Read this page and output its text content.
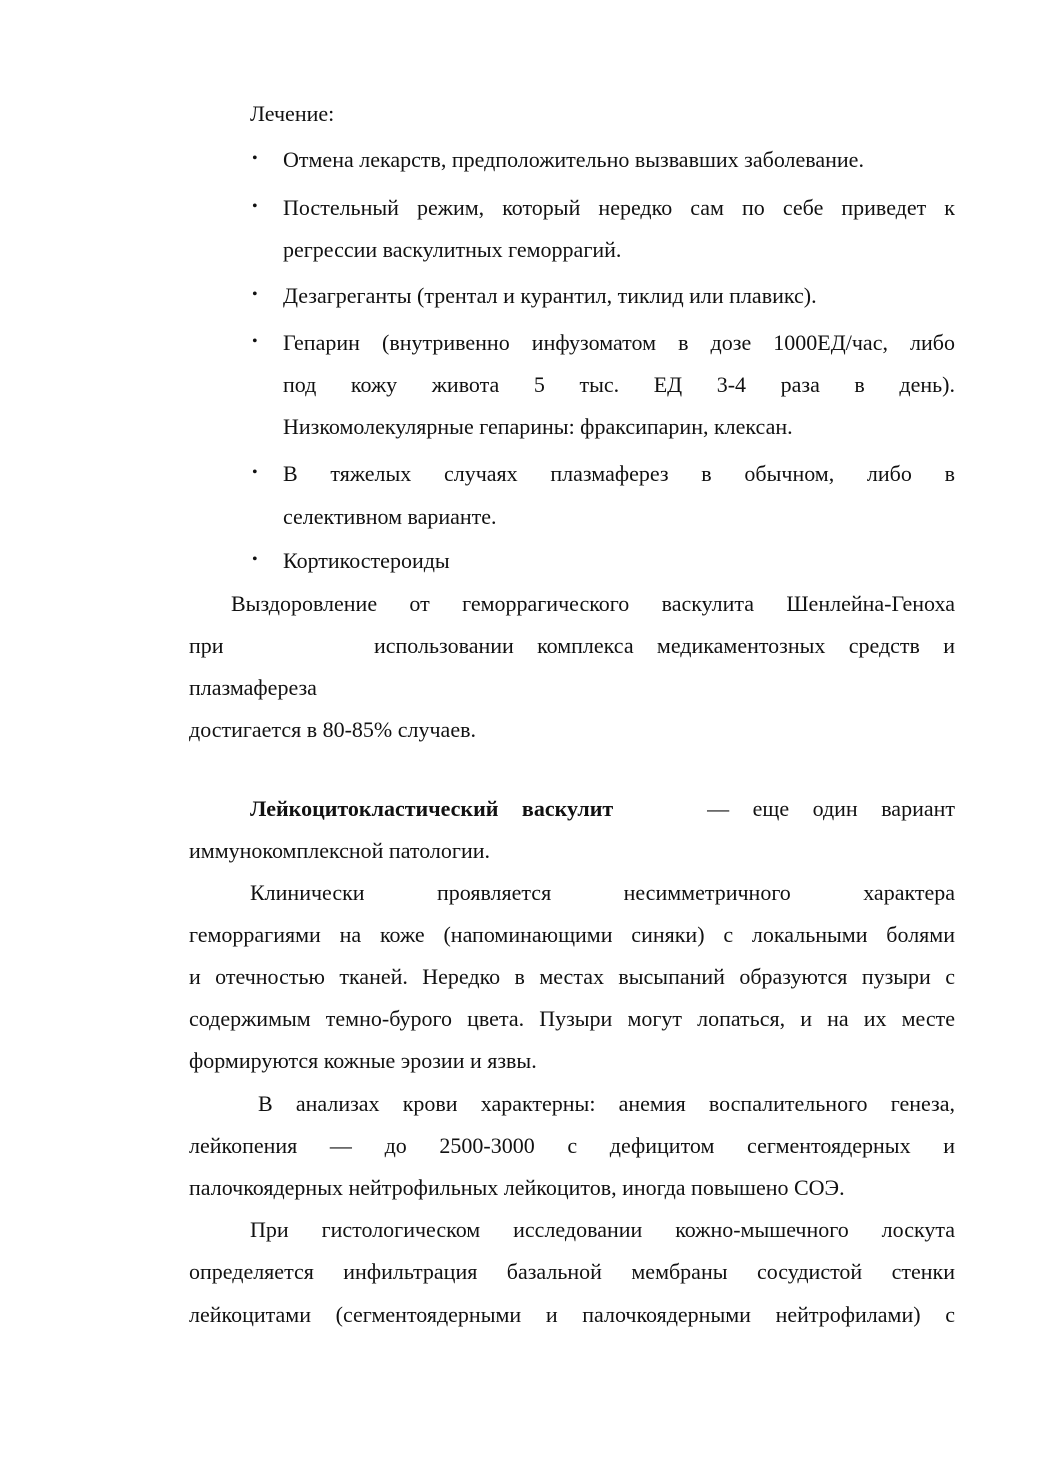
Лечение:
• Отмена лекарств, предположительно вызвавших заболевание.
• Постельный режим, который нередко сам по себе приведет к
регрессии васкулитных геморрагий.
• Дезагреганты (трентал и курантил, тиклид или плавикс).
• Гепарин (внутривенно инфузоматом в дозе 1000ЕД/час, либо
под кожу живота 5 тыс. ЕД 3-4 раза в день).
Низкомолекулярные гепарины: фраксипарин, клексан.
• В тяжелых случаях плазмаферез в обычном, либо в
селективном варианте.
• Кортикостероиды
Выздоровление от геморрагического васкулита Шенлейна-Геноха
при	использовании комплекса медикаментозных средств и
плазмафереза
достигается в 80-85% случаев.
Лейкоцитокластический васкулит	— еще один вариант
иммунокомплексной патологии.
Клинически проявляется несимметричного характера
геморрагиями на коже (напоминающими синяки) с локальными болями
и отечностью тканей. Нередко в местах высыпаний образуются пузыри с
содержимым темно-бурого цвета. Пузыри могут лопаться, и на их месте
формируются кожные эрозии и язвы.
В анализах крови характерны: анемия воспалительного генеза,
лейкопения — до 2500-3000 с дефицитом сегментоядерных и
палочкоядерных нейтрофильных лейкоцитов, иногда повышено СОЭ.
При гистологическом исследовании кожно-мышечного лоскута
определяется инфильтрация базальной мембраны сосудистой стенки
лейкоцитами (сегментоядерными и палочкоядерными нейтрофилами) с
